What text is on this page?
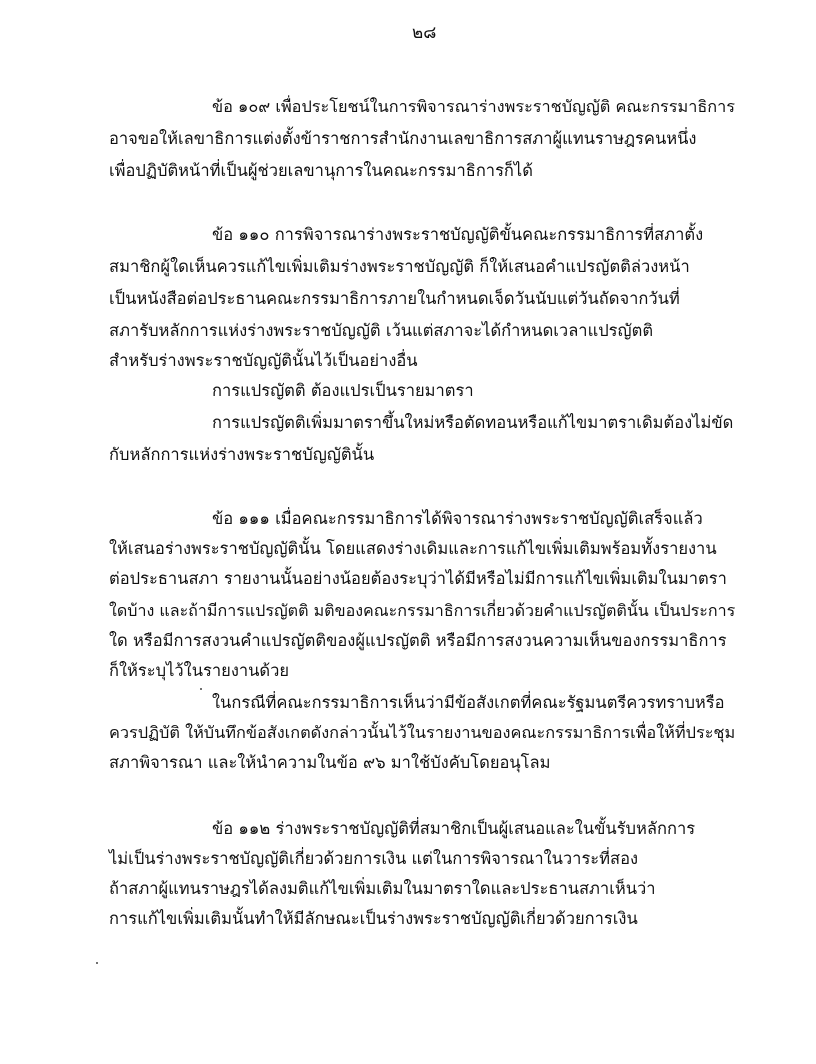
๒๘
ข้อ ๑๐๙ เพื่อประโยชน์ในการพิจารณาร่างพระราชบัญญัติ คณะกรรมาธิการ
อาจขอให้เลขาธิการแต่งตั้งข้าราชการสำนักงานเลขาธิการสภาผู้แทนราษฎรคนหนึ่ง
เพื่อปฏิบัติหน้าที่เป็นผู้ช่วยเลขานุการในคณะกรรมาธิการก็ได้
ข้อ ๑๑๐ การพิจารณาร่างพระราชบัญญัติขั้นคณะกรรมาธิการที่สภาตั้ง
สมาชิกผู้ใดเห็นควรแก้ไขเพิ่มเติมร่างพระราชบัญญัติ ก็ให้เสนอคำแปรญัตติล่วงหน้า
เป็นหนังสือต่อประธานคณะกรรมาธิการภายในกำหนดเจ็ดวันนับแต่วันถัดจากวันที่
สภารับหลักการแห่งร่างพระราชบัญญัติ เว้นแต่สภาจะได้กำหนดเวลาแปรญัตติ
สำหรับร่างพระราชบัญญัตินั้นไว้เป็นอย่างอื่น
การแปรญัตติ ต้องแปรเป็นรายมาตรา
การแปรญัตติเพิ่มมาตราขึ้นใหม่หรือตัดทอนหรือแก้ไขมาตราเดิมต้องไม่ขัด
กับหลักการแห่งร่างพระราชบัญญัตินั้น
ข้อ ๑๑๑ เมื่อคณะกรรมาธิการได้พิจารณาร่างพระราชบัญญัติเสร็จแล้ว
ให้เสนอร่างพระราชบัญญัตินั้น โดยแสดงร่างเดิมและการแก้ไขเพิ่มเติมพร้อมทั้งรายงาน
ต่อประธานสภา รายงานนั้นอย่างน้อยต้องระบุว่าได้มีหรือไม่มีการแก้ไขเพิ่มเติมในมาตรา
ใดบ้าง และถ้ามีการแปรญัตติ มติของคณะกรรมาธิการเกี่ยวด้วยคำแปรญัตตินั้น เป็นประการ
ใด หรือมีการสงวนคำแปรญัตติของผู้แปรญัตติ หรือมีการสงวนความเห็นของกรรมาธิการ
ก็ให้ระบุไว้ในรายงานด้วย
ในกรณีที่คณะกรรมาธิการเห็นว่ามีข้อสังเกตที่คณะรัฐมนตรีควรทราบหรือ
ควรปฏิบัติ ให้บันทึกข้อสังเกตดังกล่าวนั้นไว้ในรายงานของคณะกรรมาธิการเพื่อให้ที่ประชุม
สภาพิจารณา และให้นำความในข้อ ๙๖ มาใช้บังคับโดยอนุโลม
ข้อ ๑๑๒ ร่างพระราชบัญญัติที่สมาชิกเป็นผู้เสนอและในขั้นรับหลักการ
ไม่เป็นร่างพระราชบัญญัติเกี่ยวด้วยการเงิน แต่ในการพิจารณาในวาระที่สอง
ถ้าสภาผู้แทนราษฎรได้ลงมติแก้ไขเพิ่มเติมในมาตราใดและประธานสภาเห็นว่า
การแก้ไขเพิ่มเติมนั้นทำให้มีลักษณะเป็นร่างพระราชบัญญัติเกี่ยวด้วยการเงิน
